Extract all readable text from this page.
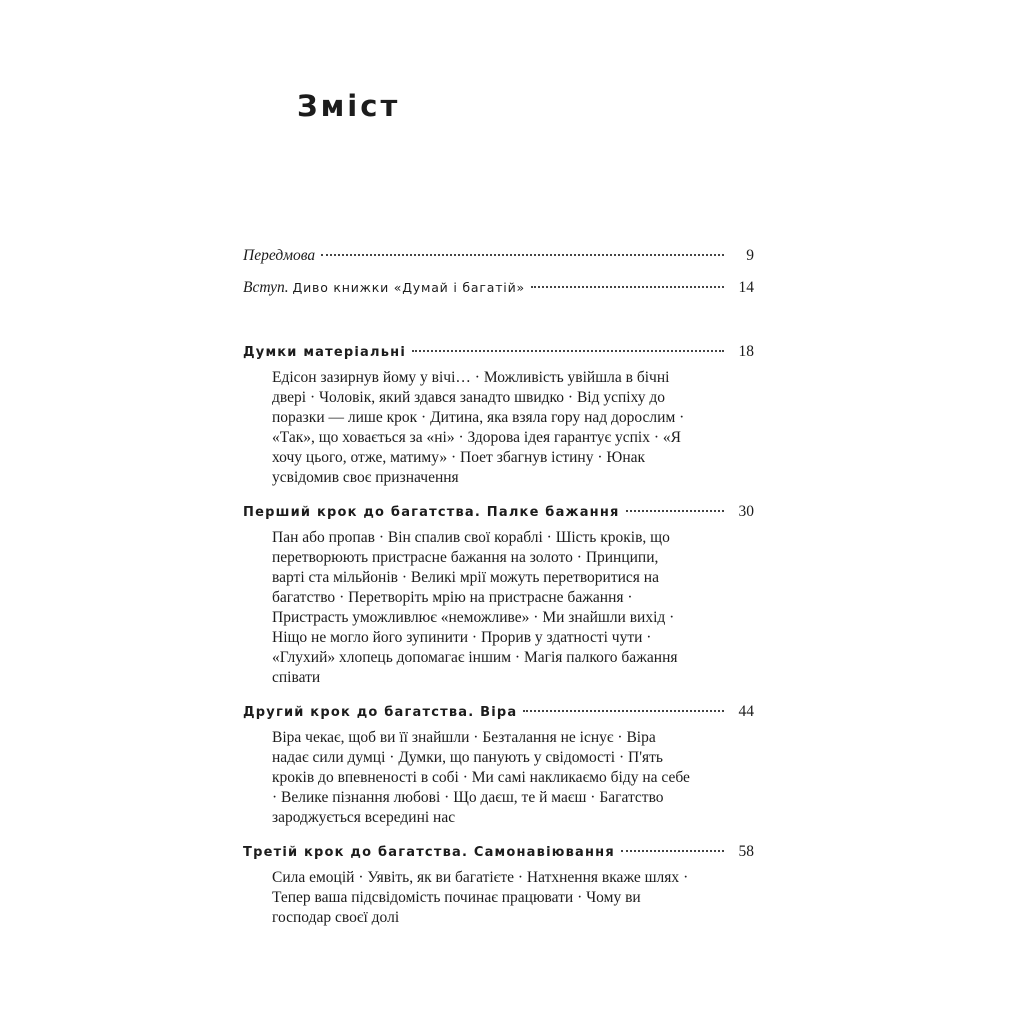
Зміст
Передмова	9
Вступ. Диво книжки «Думай і багатій»	14
Думки матеріальні	18
Едісон зазирнув йому у вічі… · Можливість увійшла в бічні двері · Чоловік, який здався занадто швидко · Від успіху до поразки — лише крок · Дитина, яка взяла гору над дорослим · «Так», що ховається за «ні» · Здорова ідея гарантує успіх · «Я хочу цього, отже, матиму» · Поет збагнув істину · Юнак усвідомив своє призначення
Перший крок до багатства. Палке бажання	30
Пан або пропав · Він спалив свої кораблі · Шість кроків, що перетворюють пристрасне бажання на золото · Принципи, варті ста мільйонів · Великі мрії можуть перетворитися на багатство · Перетворіть мрію на пристрасне бажання · Пристрасть уможливлює «неможливе» · Ми знайшли вихід · Ніщо не могло його зупинити · Прорив у здатності чути · «Глухий» хлопець допомагає іншим · Магія палкого бажання співати
Другий крок до багатства. Віра	44
Віра чекає, щоб ви її знайшли · Безталання не існує · Віра надає сили думці · Думки, що панують у свідомості · П'ять кроків до впевненості в собі · Ми самі накликаємо біду на себе · Велике пізнання любові · Що даєш, те й маєш · Багатство зароджується всередині нас
Третій крок до багатства. Самонавіювання	58
Сила емоцій · Уявіть, як ви багатієте · Натхнення вкаже шлях · Тепер ваша підсвідомість починає працювати · Чому ви господар своєї долі
